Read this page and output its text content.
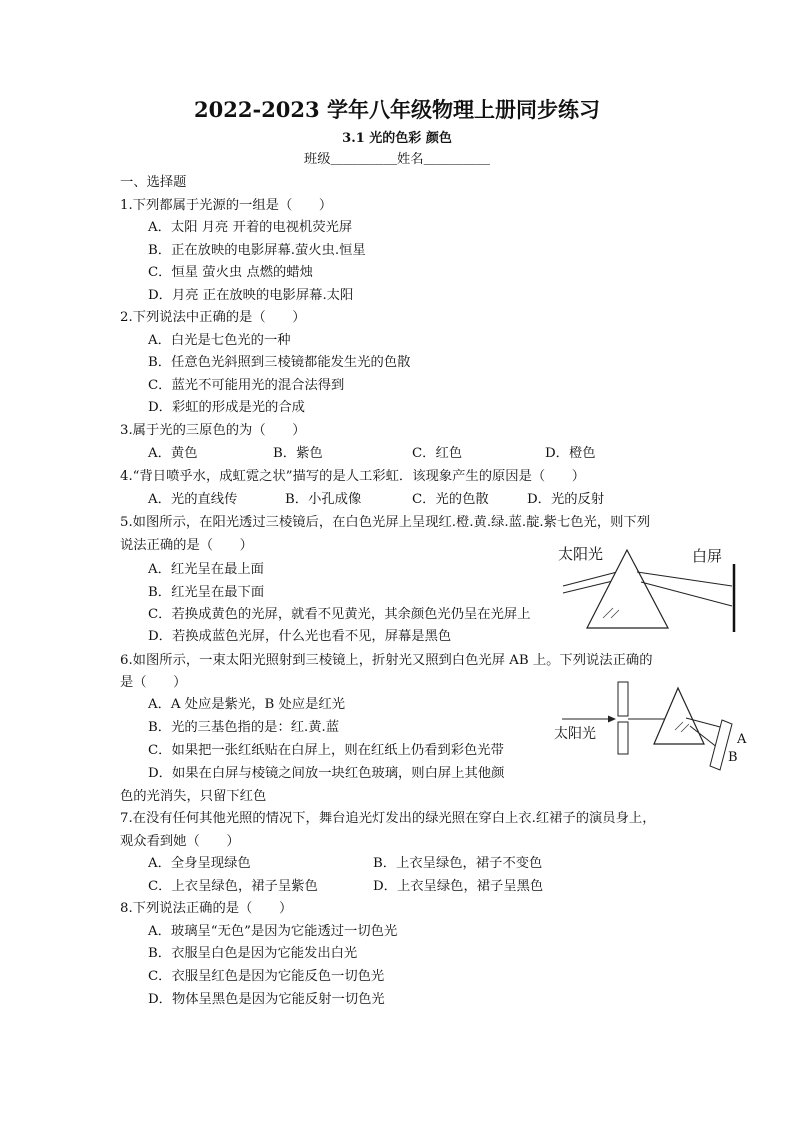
2022-2023 学年八年级物理上册同步练习
3.1 光的色彩 颜色
班级＿＿＿＿＿姓名＿＿＿＿＿
一、选择题
1.下列都属于光源的一组是（　　）
A．太阳 月亮 开着的电视机荧光屏
B．正在放映的电影屏幕.萤火虫.恒星
C．恒星 萤火虫 点燃的蜡烛
D．月亮 正在放映的电影屏幕.太阳
2.下列说法中正确的是（　　）
A．白光是七色光的一种
B．任意色光斜照到三棱镜都能发生光的色散
C．蓝光不可能用光的混合法得到
D．彩虹的形成是光的合成
3.属于光的三原色的为（　　）
A．黄色	B．紫色	C．红色	D．橙色
4.“背日喷乎水，成虹霓之状”描写的是人工彩虹．该现象产生的原因是（　　）
A．光的直线传	B．小孔成像	C．光的色散	D．光的反射
5.如图所示，在阳光透过三棱镜后，在白色光屏上呈现红.橙.黄.绿.蓝.靛.紫七色光，则下列
说法正确的是（　　）
A．红光呈在最上面
B．红光呈在最下面
C．若换成黄色的光屏，就看不见黄光，其余颜色光仍呈在光屏上
D．若换成蓝色光屏，什么光也看不见，屏幕是黑色
太阳光	白屏
6.如图所示，一束太阳光照射到三棱镜上，折射光又照到白色光屏 AB 上。下列说法正确的
是（　　）
A．A 处应是紫光，B 处应是红光
B．光的三基色指的是：红.黄.蓝
C．如果把一张红纸贴在白屏上，则在红纸上仍看到彩色光带
D．如果在白屏与棱镜之间放一块红色玻璃，则白屏上其他颜
色的光消失，只留下红色
太阳光	A
B
7.在没有任何其他光照的情况下，舞台追光灯发出的绿光照在穿白上衣.红裙子的演员身上，
观众看到她（　　）
A．全身呈现绿色	B．上衣呈绿色，裙子不变色
C．上衣呈绿色，裙子呈紫色	D．上衣呈绿色，裙子呈黑色
8.下列说法正确的是（　　）
A．玻璃呈“无色”是因为它能透过一切色光
B．衣服呈白色是因为它能发出白光
C．衣服呈红色是因为它能反色一切色光
D．物体呈黑色是因为它能反射一切色光
